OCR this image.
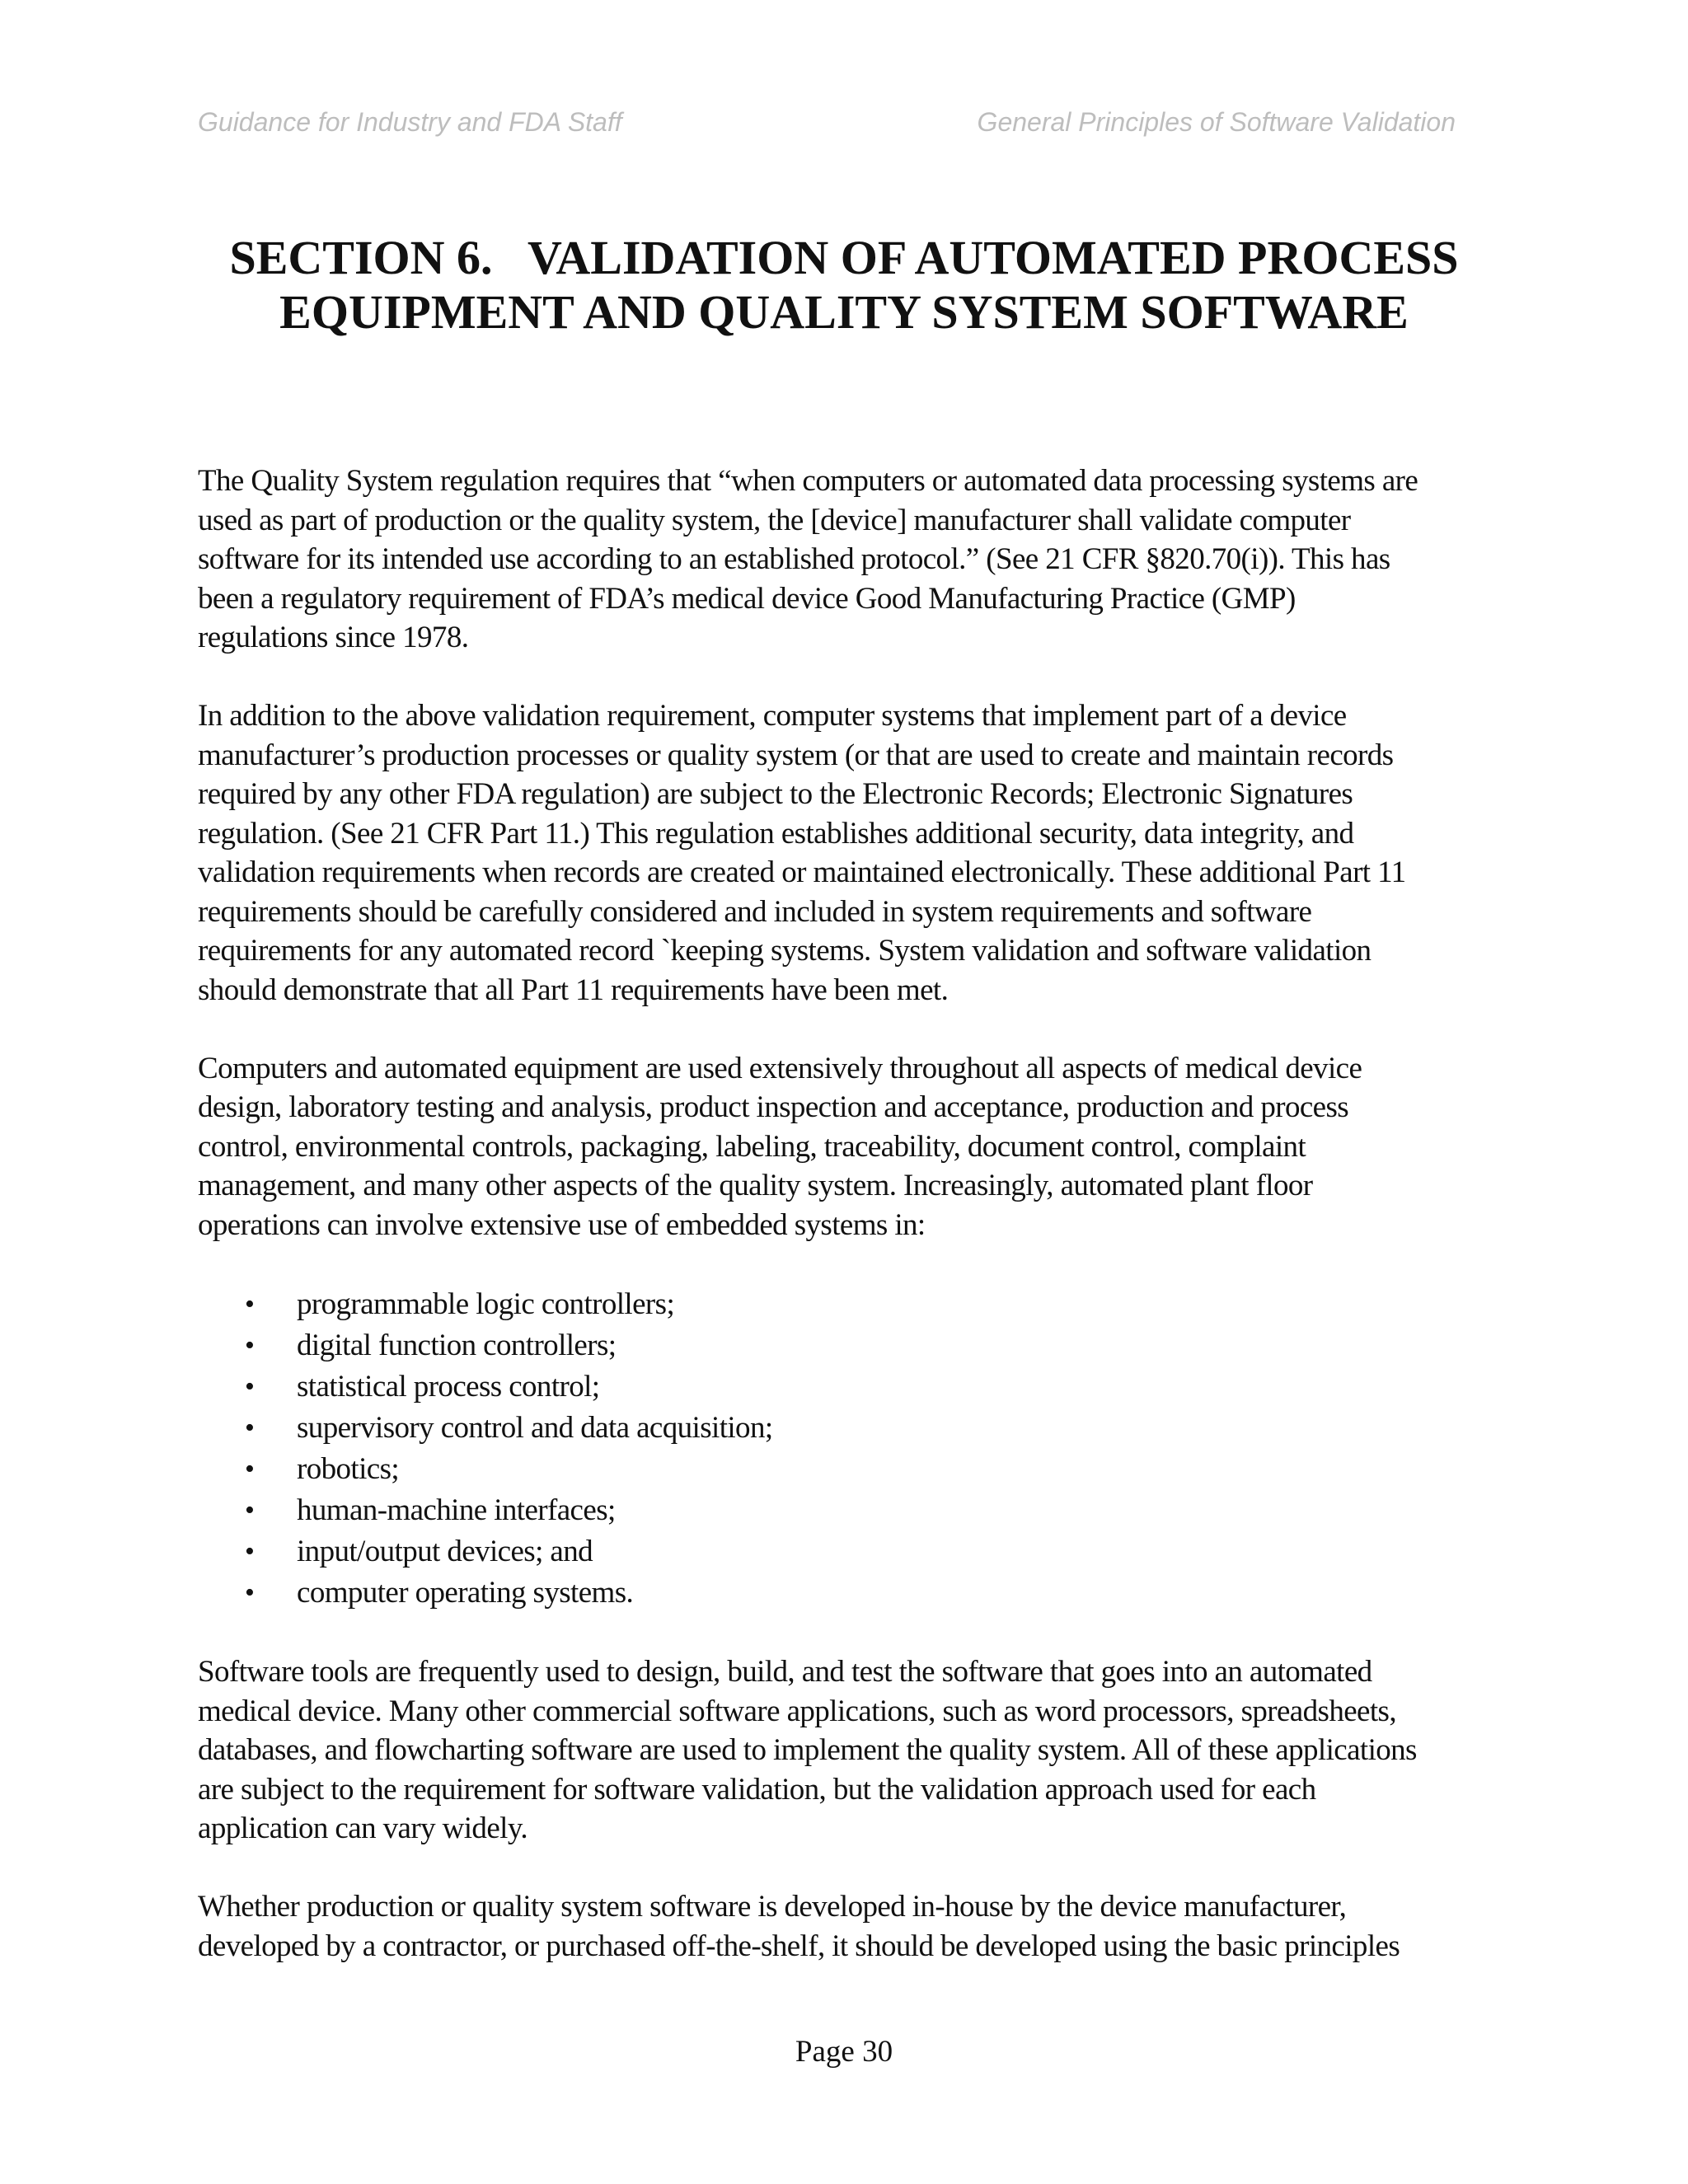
Guidance for Industry and FDA Staff	General Principles of Software Validation
SECTION 6.   VALIDATION OF AUTOMATED PROCESS
EQUIPMENT AND QUALITY SYSTEM SOFTWARE

The Quality System regulation requires that “when computers or automated data processing systems are
used as part of production or the quality system, the [device] manufacturer shall validate computer
software for its intended use according to an established protocol.” (See 21 CFR §820.70(i)). This has
been a regulatory requirement of FDA’s medical device Good Manufacturing Practice (GMP)
regulations since 1978.

In addition to the above validation requirement, computer systems that implement part of a device
manufacturer’s production processes or quality system (or that are used to create and maintain records
required by any other FDA regulation) are subject to the Electronic Records; Electronic Signatures
regulation. (See 21 CFR Part 11.) This regulation establishes additional security, data integrity, and
validation requirements when records are created or maintained electronically. These additional Part 11
requirements should be carefully considered and included in system requirements and software
requirements for any automated record `keeping systems. System validation and software validation
should demonstrate that all Part 11 requirements have been met.

Computers and automated equipment are used extensively throughout all aspects of medical device
design, laboratory testing and analysis, product inspection and acceptance, production and process
control, environmental controls, packaging, labeling, traceability, document control, complaint
management, and many other aspects of the quality system. Increasingly, automated plant floor
operations can involve extensive use of embedded systems in:

• programmable logic controllers;
• digital function controllers;
• statistical process control;
• supervisory control and data acquisition;
• robotics;
• human-machine interfaces;
• input/output devices; and
• computer operating systems.

Software tools are frequently used to design, build, and test the software that goes into an automated
medical device. Many other commercial software applications, such as word processors, spreadsheets,
databases, and flowcharting software are used to implement the quality system. All of these applications
are subject to the requirement for software validation, but the validation approach used for each
application can vary widely.

Whether production or quality system software is developed in-house by the device manufacturer,
developed by a contractor, or purchased off-the-shelf, it should be developed using the basic principles

Page 30
